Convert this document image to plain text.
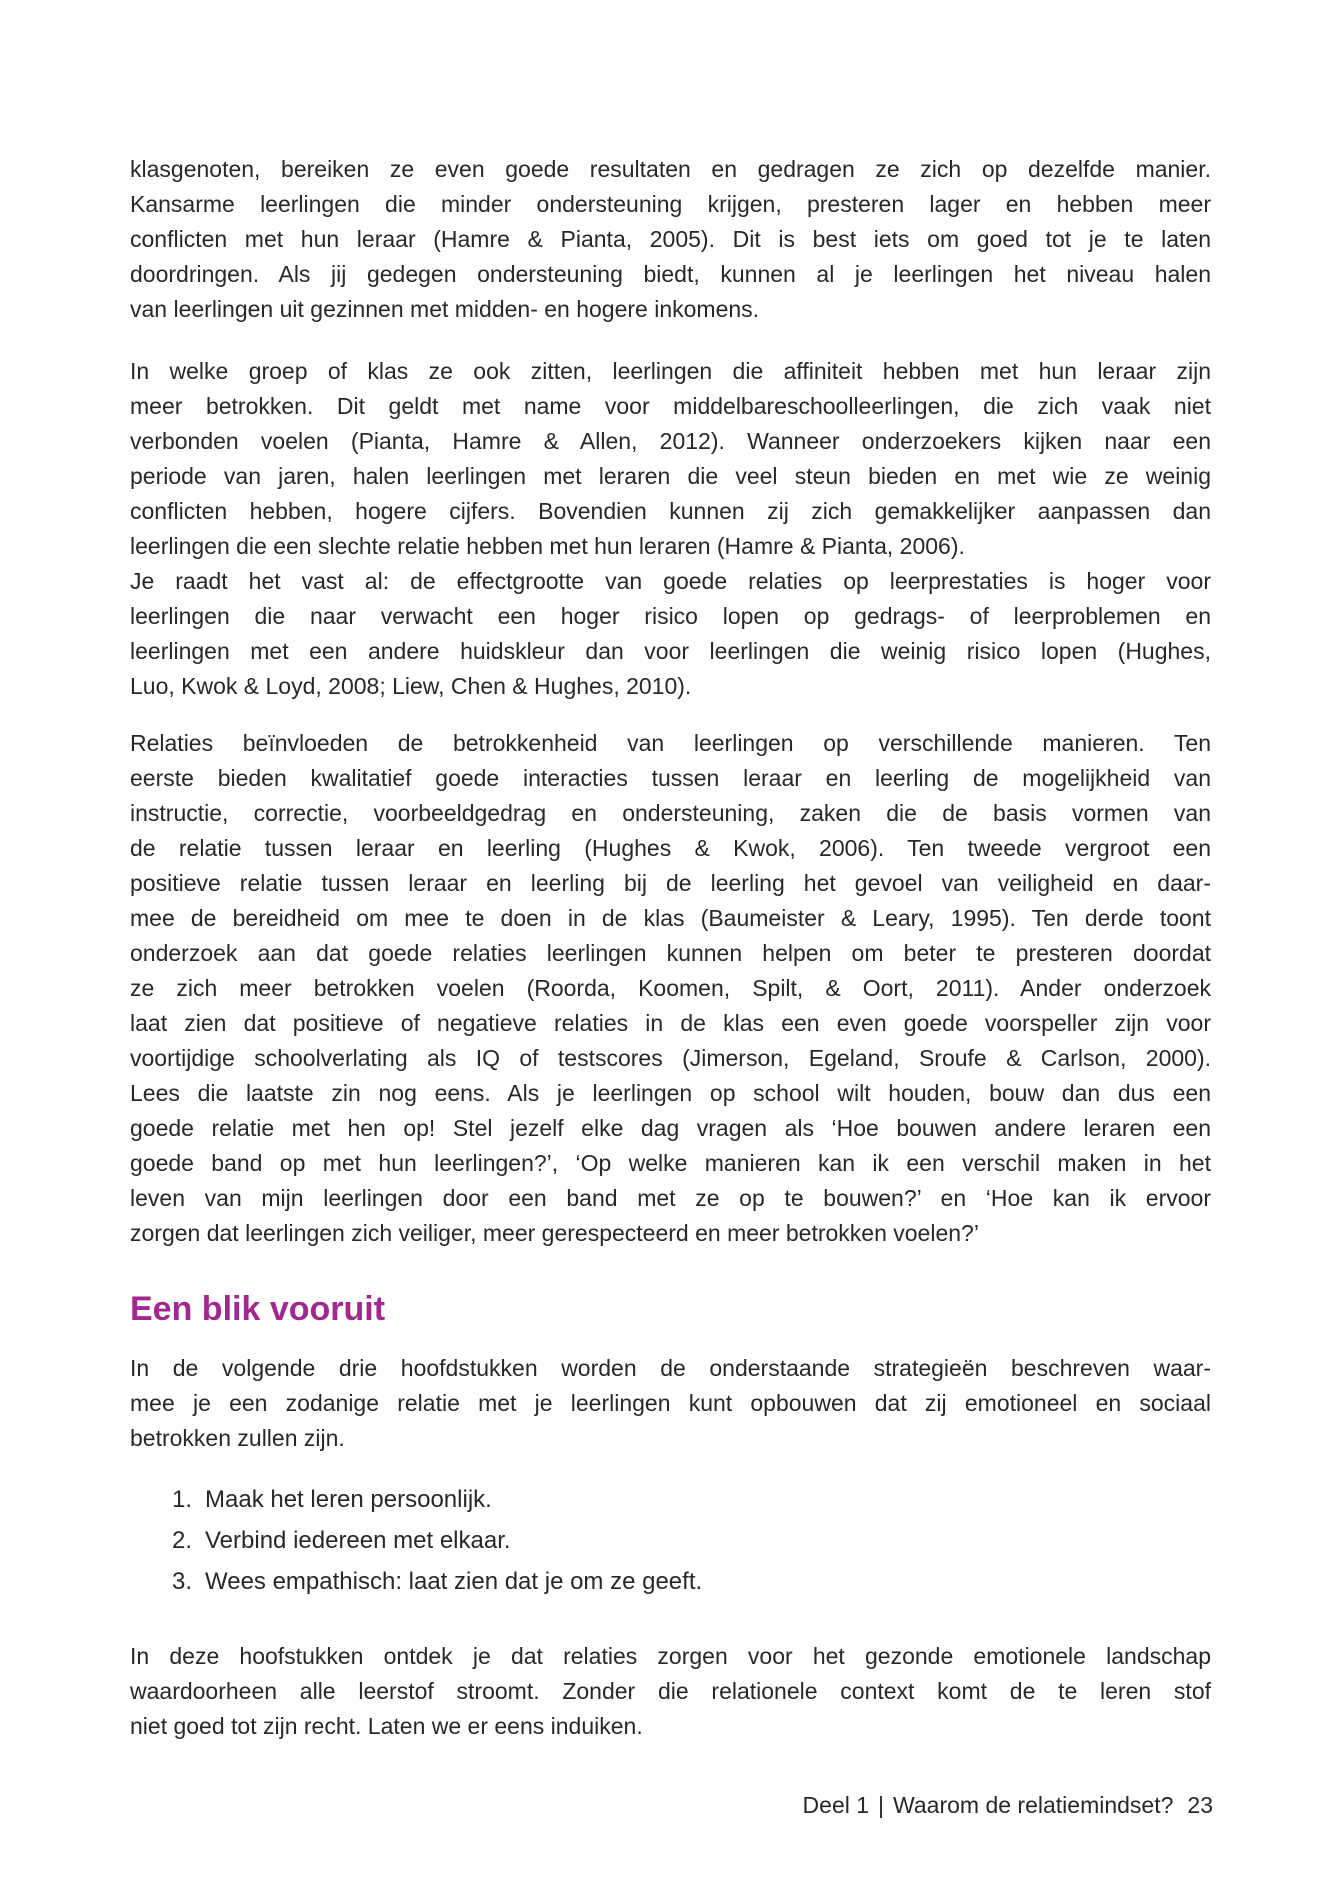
klasgenoten, bereiken ze even goede resultaten en gedragen ze zich op dezelfde manier.
Kansarme leerlingen die minder ondersteuning krijgen, presteren lager en hebben meer
conflicten met hun leraar (Hamre & Pianta, 2005). Dit is best iets om goed tot je te laten
doordringen. Als jij gedegen ondersteuning biedt, kunnen al je leerlingen het niveau halen
van leerlingen uit gezinnen met midden- en hogere inkomens.
In welke groep of klas ze ook zitten, leerlingen die affiniteit hebben met hun leraar zijn
meer betrokken. Dit geldt met name voor middelbareschoolleerlingen, die zich vaak niet
verbonden voelen (Pianta, Hamre & Allen, 2012). Wanneer onderzoekers kijken naar een
periode van jaren, halen leerlingen met leraren die veel steun bieden en met wie ze weinig
conflicten hebben, hogere cijfers. Bovendien kunnen zij zich gemakkelijker aanpassen dan
leerlingen die een slechte relatie hebben met hun leraren (Hamre & Pianta, 2006).
Je raadt het vast al: de effectgrootte van goede relaties op leerprestaties is hoger voor
leerlingen die naar verwacht een hoger risico lopen op gedrags- of leerproblemen en
leerlingen met een andere huidskleur dan voor leerlingen die weinig risico lopen (Hughes,
Luo, Kwok & Loyd, 2008; Liew, Chen & Hughes, 2010).
Relaties beïnvloeden de betrokkenheid van leerlingen op verschillende manieren. Ten
eerste bieden kwalitatief goede interacties tussen leraar en leerling de mogelijkheid van
instructie, correctie, voorbeeldgedrag en ondersteuning, zaken die de basis vormen van
de relatie tussen leraar en leerling (Hughes & Kwok, 2006). Ten tweede vergroot een
positieve relatie tussen leraar en leerling bij de leerling het gevoel van veiligheid en daar-
mee de bereidheid om mee te doen in de klas (Baumeister & Leary, 1995). Ten derde toont
onderzoek aan dat goede relaties leerlingen kunnen helpen om beter te presteren doordat
ze zich meer betrokken voelen (Roorda, Koomen, Spilt, & Oort, 2011). Ander onderzoek
laat zien dat positieve of negatieve relaties in de klas een even goede voorspeller zijn voor
voortijdige schoolverlating als IQ of testscores (Jimerson, Egeland, Sroufe & Carlson, 2000).
Lees die laatste zin nog eens. Als je leerlingen op school wilt houden, bouw dan dus een
goede relatie met hen op! Stel jezelf elke dag vragen als ‘Hoe bouwen andere leraren een
goede band op met hun leerlingen?’, ‘Op welke manieren kan ik een verschil maken in het
leven van mijn leerlingen door een band met ze op te bouwen?’ en ‘Hoe kan ik ervoor
zorgen dat leerlingen zich veiliger, meer gerespecteerd en meer betrokken voelen?’
Een blik vooruit
In de volgende drie hoofdstukken worden de onderstaande strategieën beschreven waar-
mee je een zodanige relatie met je leerlingen kunt opbouwen dat zij emotioneel en sociaal
betrokken zullen zijn.
1. Maak het leren persoonlijk.
2. Verbind iedereen met elkaar.
3. Wees empathisch: laat zien dat je om ze geeft.
In deze hoofstukken ontdek je dat relaties zorgen voor het gezonde emotionele landschap
waardoorheen alle leerstof stroomt. Zonder die relationele context komt de te leren stof
niet goed tot zijn recht. Laten we er eens induiken.
Deel 1 | Waarom de relatiemindset? 23
